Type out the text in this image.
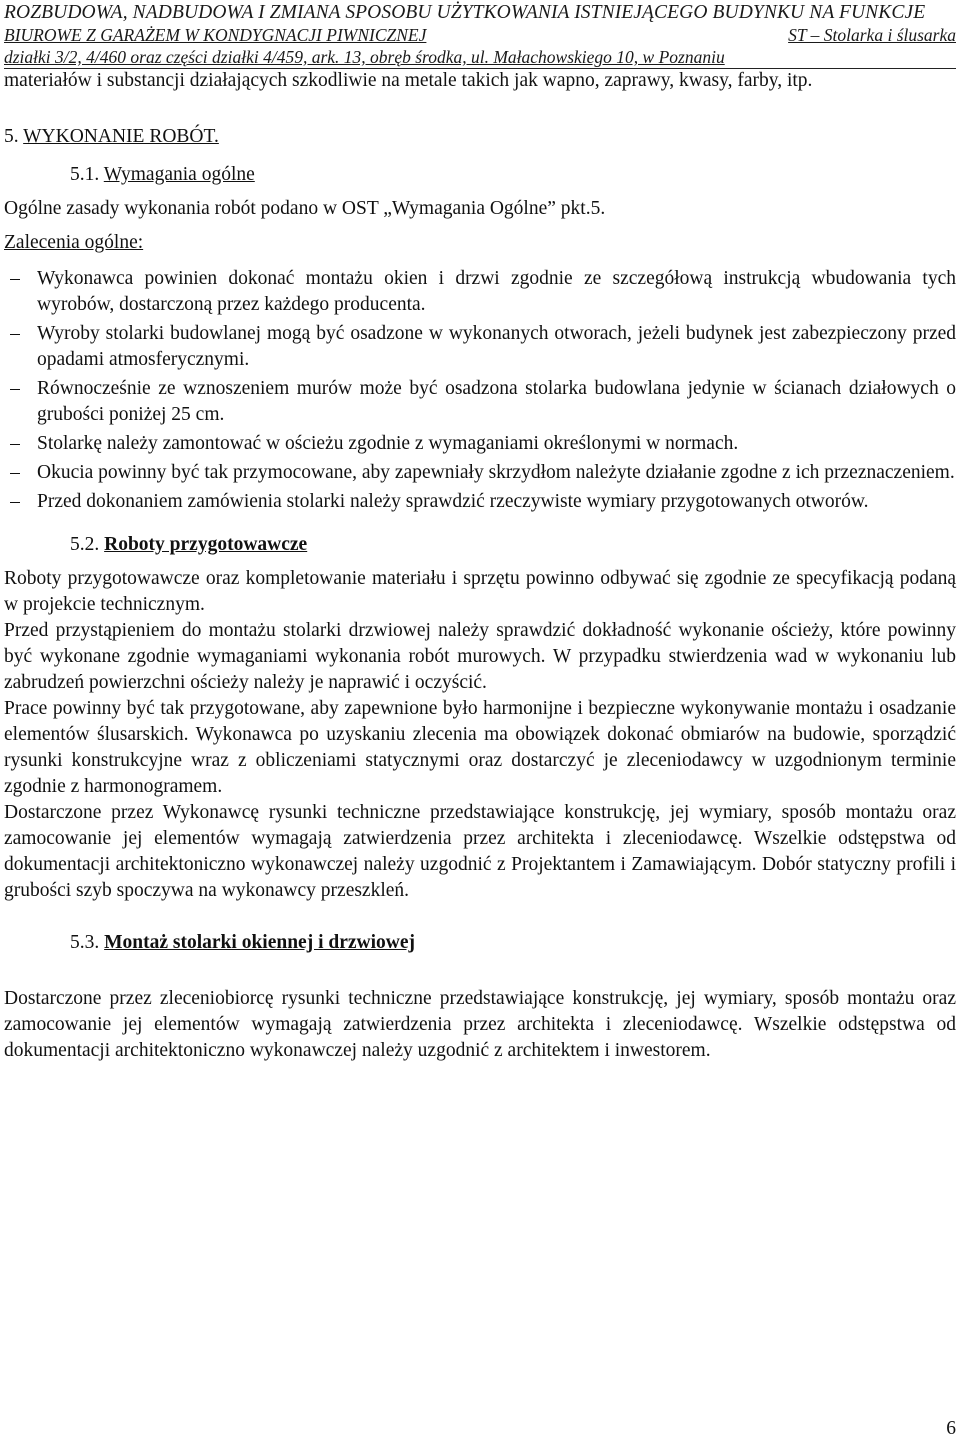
ROZBUDOWA, NADBUDOWA I ZMIANA SPOSOBU UŻYTKOWANIA ISTNIEJĄCEGO BUDYNKU NA FUNKCJE
BIUROWE Z GARAŻEM W KONDYGNACJI PIWNICZNEJ	ST – Stolarka i ślusarka
działki 3/2, 4/460 oraz części działki 4/459, ark. 13, obręb środka, ul. Małachowskiego 10, w Poznaniu

materiałów i substancji działających szkodliwie na metale takich jak wapno, zaprawy, kwasy, farby, itp.

5. WYKONANIE ROBÓT.
5.1. Wymagania ogólne

Ogólne zasady wykonania robót podano w OST „Wymagania Ogólne” pkt.5.

Zalecenia ogólne:
– Wykonawca powinien dokonać montażu okien i drzwi zgodnie ze szczegółową instrukcją wbudowania tych wyrobów, dostarczoną przez każdego producenta.
– Wyroby stolarki budowlanej mogą być osadzone w wykonanych otworach, jeżeli budynek jest zabezpieczony przed opadami atmosferycznymi.
– Równocześnie ze wznoszeniem murów może być osadzona stolarka budowlana jedynie w ścianach działowych o grubości poniżej 25 cm.
– Stolarkę należy zamontować w ościeżu zgodnie z wymaganiami określonymi w normach.
– Okucia powinny być tak przymocowane, aby zapewniały skrzydłom należyte działanie zgodne z ich przeznaczeniem.
– Przed dokonaniem zamówienia stolarki należy sprawdzić rzeczywiste wymiary przygotowanych otworów.
5.2. Roboty przygotowawcze

Roboty przygotowawcze oraz kompletowanie materiału i sprzętu powinno odbywać się zgodnie ze specyfikacją podaną w projekcie technicznym.

Przed przystąpieniem do montażu stolarki drzwiowej należy sprawdzić dokładność wykonanie ościeży, które powinny być wykonane zgodnie wymaganiami wykonania robót murowych. W przypadku stwierdzenia wad w wykonaniu lub zabrudzeń powierzchni ościeży należy je naprawić i oczyścić.

Prace powinny być tak przygotowane, aby zapewnione było harmonijne i bezpieczne wykonywanie montażu i osadzanie elementów ślusarskich. Wykonawca po uzyskaniu zlecenia ma obowiązek dokonać obmiarów na budowie, sporządzić rysunki konstrukcyjne wraz z obliczeniami statycznymi oraz dostarczyć je zleceniodawcy w uzgodnionym terminie zgodnie z harmonogramem.

Dostarczone przez Wykonawcę rysunki techniczne przedstawiające konstrukcję, jej wymiary, sposób montażu oraz zamocowanie jej elementów wymagają zatwierdzenia przez architekta i zleceniodawcę. Wszelkie odstępstwa od dokumentacji architektoniczno wykonawczej należy uzgodnić z Projektantem i Zamawiającym. Dobór statyczny profili i grubości szyb spoczywa na wykonawcy przeszkleń.

5.3. Montaż stolarki okiennej i drzwiowej

Dostarczone przez zleceniobiorcę rysunki techniczne przedstawiające konstrukcję, jej wymiary, sposób montażu oraz zamocowanie jej elementów wymagają zatwierdzenia przez architekta i zleceniodawcę. Wszelkie odstępstwa od dokumentacji architektoniczno wykonawczej należy uzgodnić z architektem i inwestorem.

6
